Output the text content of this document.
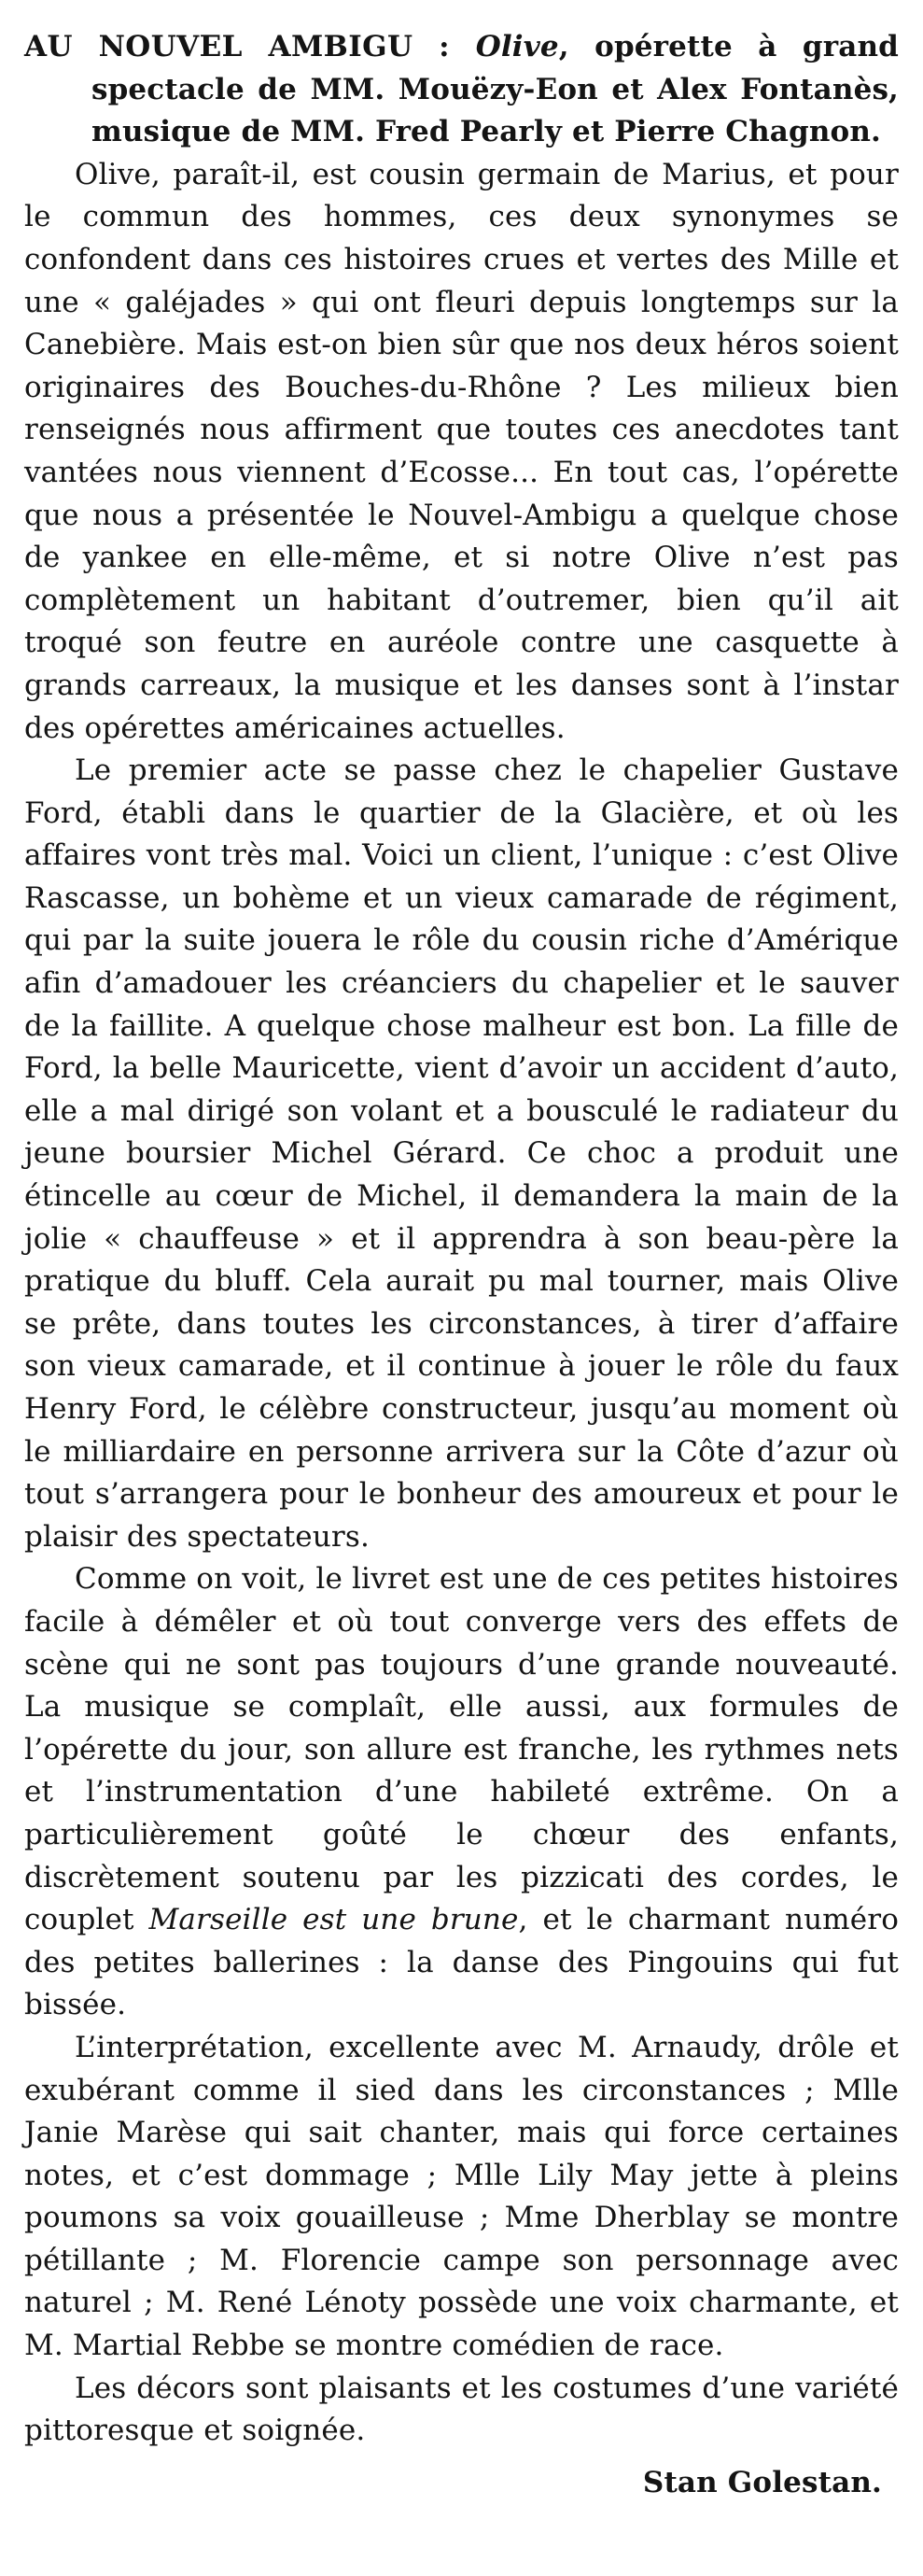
AU NOUVEL AMBIGU : Olive, opérette à grand spectacle de MM. Mouëzy-Eon et Alex Fontanès, musique de MM. Fred Pearly et Pierre Chagnon.

Olive, paraît-il, est cousin germain de Marius, et pour le commun des hommes, ces deux synonymes se confondent dans ces histoires crues et vertes des Mille et une « galéjades » qui ont fleuri depuis longtemps sur la Canebière. Mais est-on bien sûr que nos deux héros soient originaires des Bouches-du-Rhône ? Les milieux bien renseignés nous affirment que toutes ces anecdotes tant vantées nous viennent d’Ecosse... En tout cas, l’opérette que nous a présentée le Nouvel-Ambigu a quelque chose de yankee en elle-même, et si notre Olive n’est pas complètement un habitant d’outremer, bien qu’il ait troqué son feutre en auréole contre une casquette à grands carreaux, la musique et les danses sont à l’instar des opérettes américaines actuelles.

Le premier acte se passe chez le chapelier Gustave Ford, établi dans le quartier de la Glacière, et où les affaires vont très mal. Voici un client, l’unique : c’est Olive Rascasse, un bohème et un vieux camarade de régiment, qui par la suite jouera le rôle du cousin riche d’Amérique afin d’amadouer les créanciers du chapelier et le sauver de la faillite. A quelque chose malheur est bon. La fille de Ford, la belle Mauricette, vient d’avoir un accident d’auto, elle a mal dirigé son volant et a bousculé le radiateur du jeune boursier Michel Gérard. Ce choc a produit une étincelle au cœur de Michel, il demandera la main de la jolie « chauffeuse » et il apprendra à son beau-père la pratique du bluff. Cela aurait pu mal tourner, mais Olive se prête, dans toutes les circonstances, à tirer d’affaire son vieux camarade, et il continue à jouer le rôle du faux Henry Ford, le célèbre constructeur, jusqu’au moment où le milliardaire en personne arrivera sur la Côte d’azur où tout s’arrangera pour le bonheur des amoureux et pour le plaisir des spectateurs.

Comme on voit, le livret est une de ces petites histoires facile à démêler et où tout converge vers des effets de scène qui ne sont pas toujours d’une grande nouveauté. La musique se complaît, elle aussi, aux formules de l’opérette du jour, son allure est franche, les rythmes nets et l’instrumentation d’une habileté extrême. On a particulièrement goûté le chœur des enfants, discrètement soutenu par les pizzicati des cordes, le couplet Marseille est une brune, et le charmant numéro des petites ballerines : la danse des Pingouins qui fut bissée.

L’interprétation, excellente avec M. Arnaudy, drôle et exubérant comme il sied dans les circonstances ; Mlle Janie Marèse qui sait chanter, mais qui force certaines notes, et c’est dommage ; Mlle Lily May jette à pleins poumons sa voix gouailleuse ; Mme Dherblay se montre pétillante ; M. Florencie campe son personnage avec naturel ; M. René Lénoty possède une voix charmante, et M. Martial Rebbe se montre comédien de race.

Les décors sont plaisants et les costumes d’une variété pittoresque et soignée.

Stan Golestan.
